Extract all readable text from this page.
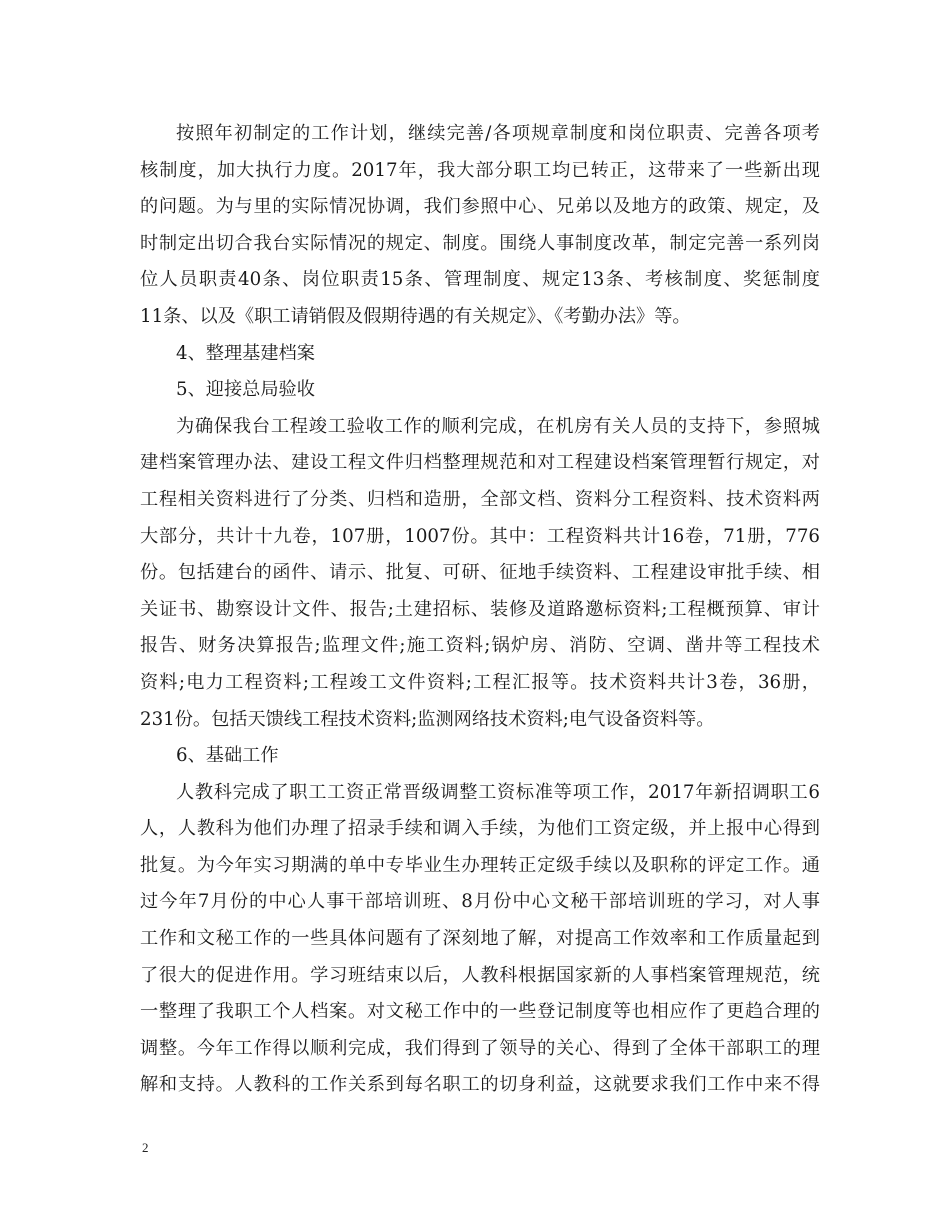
按照年初制定的工作计划，继续完善/各项规章制度和岗位职责、完善各项考
核制度，加大执行力度。2017年，我大部分职工均已转正，这带来了一些新出现
的问题。为与里的实际情况协调，我们参照中心、兄弟以及地方的政策、规定，及
时制定出切合我台实际情况的规定、制度。围绕人事制度改革，制定完善一系列岗
位人员职责40条、岗位职责15条、管理制度、规定13条、考核制度、奖惩制度
11条、以及《职工请销假及假期待遇的有关规定》、《考勤办法》等。
4、整理基建档案
5、迎接总局验收
为确保我台工程竣工验收工作的顺利完成，在机房有关人员的支持下，参照城
建档案管理办法、建设工程文件归档整理规范和对工程建设档案管理暂行规定，对
工程相关资料进行了分类、归档和造册，全部文档、资料分工程资料、技术资料两
大部分，共计十九卷，107册，1007份。其中：工程资料共计16卷，71册，776
份。包括建台的函件、请示、批复、可研、征地手续资料、工程建设审批手续、相
关证书、勘察设计文件、报告;土建招标、装修及道路邀标资料;工程概预算、审计
报告、财务决算报告;监理文件;施工资料;锅炉房、消防、空调、凿井等工程技术
资料;电力工程资料;工程竣工文件资料;工程汇报等。技术资料共计3卷，36册，
231份。包括天馈线工程技术资料;监测网络技术资料;电气设备资料等。
6、基础工作
人教科完成了职工工资正常晋级调整工资标准等项工作，2017年新招调职工6
人，人教科为他们办理了招录手续和调入手续，为他们工资定级，并上报中心得到
批复。为今年实习期满的单中专毕业生办理转正定级手续以及职称的评定工作。通
过今年7月份的中心人事干部培训班、8月份中心文秘干部培训班的学习，对人事
工作和文秘工作的一些具体问题有了深刻地了解，对提高工作效率和工作质量起到
了很大的促进作用。学习班结束以后，人教科根据国家新的人事档案管理规范，统
一整理了我职工个人档案。对文秘工作中的一些登记制度等也相应作了更趋合理的
调整。今年工作得以顺利完成，我们得到了领导的关心、得到了全体干部职工的理
解和支持。人教科的工作关系到每名职工的切身利益，这就要求我们工作中来不得
2
